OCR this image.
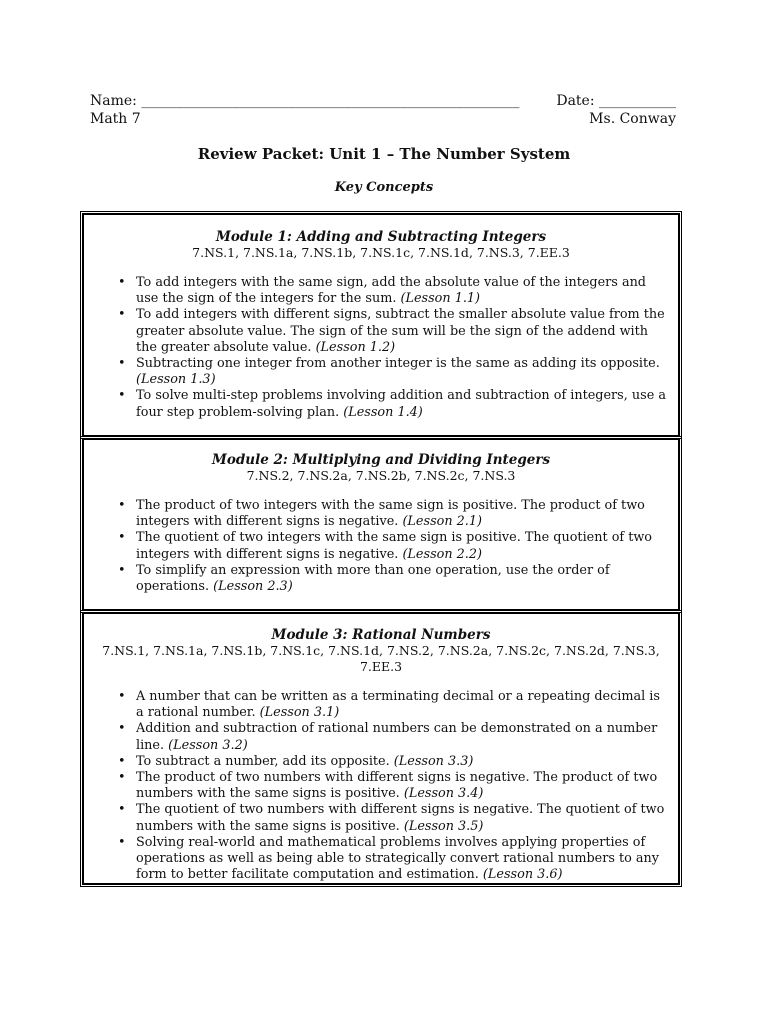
Name: ______________________________________________________	Date: ___________
Math 7	Ms. Conway
Review Packet: Unit 1 – The Number System
Key Concepts
Module 1: Adding and Subtracting Integers
7.NS.1, 7.NS.1a, 7.NS.1b, 7.NS.1c, 7.NS.1d, 7.NS.3, 7.EE.3
• To add integers with the same sign, add the absolute value of the integers and use the sign of the integers for the sum. (Lesson 1.1)
• To add integers with different signs, subtract the smaller absolute value from the greater absolute value. The sign of the sum will be the sign of the addend with the greater absolute value. (Lesson 1.2)
• Subtracting one integer from another integer is the same as adding its opposite. (Lesson 1.3)
• To solve multi-step problems involving addition and subtraction of integers, use a four step problem-solving plan. (Lesson 1.4)
Module 2: Multiplying and Dividing Integers
7.NS.2, 7.NS.2a, 7.NS.2b, 7.NS.2c, 7.NS.3
• The product of two integers with the same sign is positive. The product of two integers with different signs is negative. (Lesson 2.1)
• The quotient of two integers with the same sign is positive. The quotient of two integers with different signs is negative. (Lesson 2.2)
• To simplify an expression with more than one operation, use the order of operations. (Lesson 2.3)
Module 3: Rational Numbers
7.NS.1, 7.NS.1a, 7.NS.1b, 7.NS.1c, 7.NS.1d, 7.NS.2, 7.NS.2a, 7.NS.2c, 7.NS.2d, 7.NS.3, 7.EE.3
• A number that can be written as a terminating decimal or a repeating decimal is a rational number. (Lesson 3.1)
• Addition and subtraction of rational numbers can be demonstrated on a number line. (Lesson 3.2)
• To subtract a number, add its opposite. (Lesson 3.3)
• The product of two numbers with different signs is negative. The product of two numbers with the same signs is positive. (Lesson 3.4)
• The quotient of two numbers with different signs is negative. The quotient of two numbers with the same signs is positive. (Lesson 3.5)
• Solving real-world and mathematical problems involves applying properties of operations as well as being able to strategically convert rational numbers to any form to better facilitate computation and estimation. (Lesson 3.6)
